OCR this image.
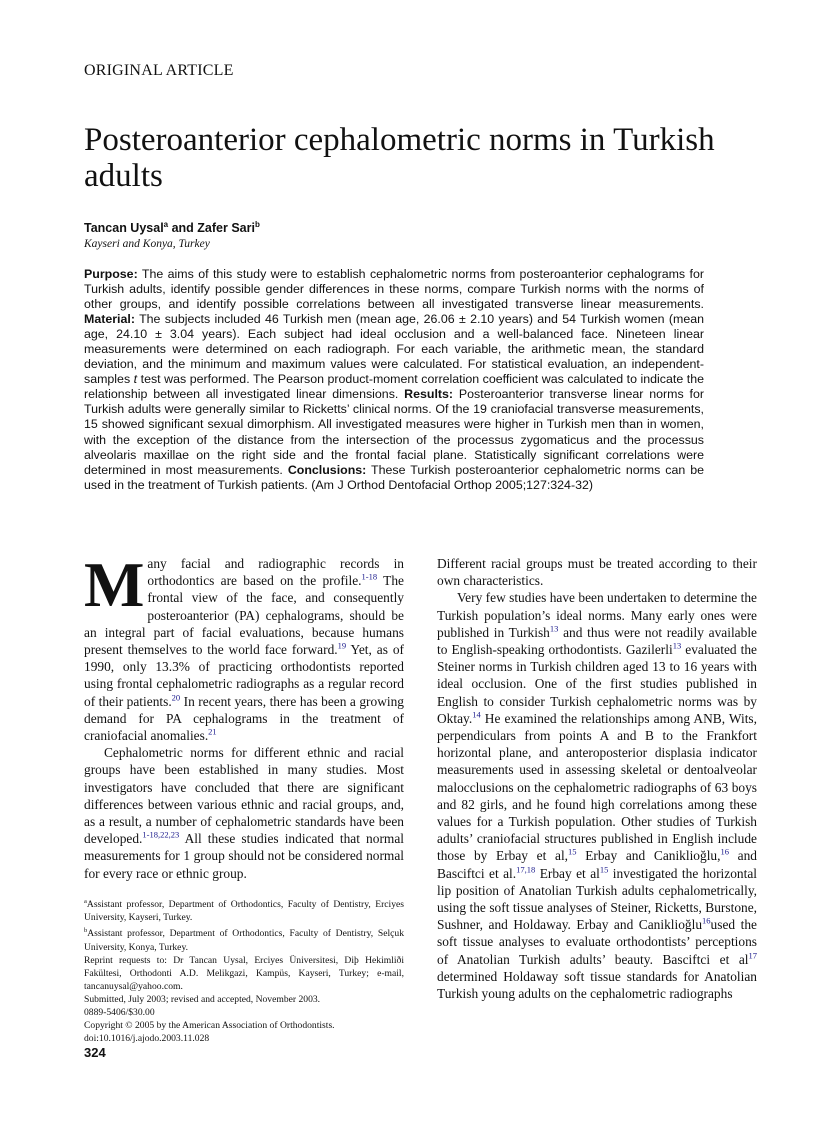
ORIGINAL ARTICLE
Posteroanterior cephalometric norms in Turkish adults
Tancan Uysal$^a$ and Zafer Sari$^b$
Kayseri and Konya, Turkey

Purpose: The aims of this study were to establish cephalometric norms from posteroanterior cephalograms for Turkish adults, identify possible gender differences in these norms, compare Turkish norms with the norms of other groups, and identify possible correlations between all investigated transverse linear measurements. Material: The subjects included 46 Turkish men (mean age, 26.06 ± 2.10 years) and 54 Turkish women (mean age, 24.10 ± 3.04 years). Each subject had ideal occlusion and a well-balanced face. Nineteen linear measurements were determined on each radiograph. For each variable, the arithmetic mean, the standard deviation, and the minimum and maximum values were calculated. For statistical evaluation, an independent-samples t test was performed. The Pearson product-moment correlation coefficient was calculated to indicate the relationship between all investigated linear dimensions. Results: Posteroanterior transverse linear norms for Turkish adults were generally similar to Ricketts’ clinical norms. Of the 19 craniofacial transverse measurements, 15 showed significant sexual dimorphism. All investigated measures were higher in Turkish men than in women, with the exception of the distance from the intersection of the processus zygomaticus and the processus alveolaris maxillae on the right side and the frontal facial plane. Statistically significant correlations were determined in most measurements. Conclusions: These Turkish posteroanterior cephalometric norms can be used in the treatment of Turkish patients. (Am J Orthod Dentofacial Orthop 2005;127:324-32)

Many facial and radiographic records in orthodontics are based on the profile.$^{1-18}$ The frontal view of the face, and consequently posteroanterior (PA) cephalograms, should be an integral part of facial evaluations, because humans present themselves to the world face forward.$^{19}$ Yet, as of 1990, only 13.3% of practicing orthodontists reported using frontal cephalometric radiographs as a regular record of their patients.$^{20}$ In recent years, there has been a growing demand for PA cephalograms in the treatment of craniofacial anomalies.$^{21}$

Cephalometric norms for different ethnic and racial groups have been established in many studies. Most investigators have concluded that there are significant differences between various ethnic and racial groups, and, as a result, a number of cephalometric standards have been developed.$^{1-18,22,23}$ All these studies indicated that normal measurements for 1 group should not be considered normal for every race or ethnic group.

Different racial groups must be treated according to their own characteristics.

Very few studies have been undertaken to determine the Turkish population’s ideal norms. Many early ones were published in Turkish$^{13}$ and thus were not readily available to English-speaking orthodontists. Gazilerli$^{13}$ evaluated the Steiner norms in Turkish children aged 13 to 16 years with ideal occlusion. One of the first studies published in English to consider Turkish cephalometric norms was by Oktay.$^{14}$ He examined the relationships among ANB, Wits, perpendiculars from points A and B to the Frankfort horizontal plane, and anteroposterior displasia indicator measurements used in assessing skeletal or dentoalveolar malocclusions on the cephalometric radiographs of 63 boys and 82 girls, and he found high correlations among these values for a Turkish population. Other studies of Turkish adults’ craniofacial structures published in English include those by Erbay et al,$^{15}$ Erbay and Caniklioğlu,$^{16}$ and Basciftci et al.$^{17,18}$ Erbay et $al^{15}$ investigated the horizontal lip position of Anatolian Turkish adults cephalometrically, using the soft tissue analyses of Steiner, Ricketts, Burstone, Sushner, and Holdaway. Erbay and Caniklioğlu$^{16}$used the soft tissue analyses to evaluate orthodontists’ perceptions of Anatolian Turkish adults’ beauty. Basciftci et $al^{17}$ determined Holdaway soft tissue standards for Anatolian Turkish young adults on the cephalometric radiographs

$^a$Assistant professor, Department of Orthodontics, Faculty of Dentistry, Erciyes University, Kayseri, Turkey.
$^b$Assistant professor, Department of Orthodontics, Faculty of Dentistry, Selçuk University, Konya, Turkey.
Reprint requests to: Dr Tancan Uysal, Erciyes Üniversitesi, Diþ Hekimliði Fakültesi, Orthodonti A.D. Melikgazi, Kampüs, Kayseri, Turkey; e-mail, tancanuysal@yahoo.com.
Submitted, July 2003; revised and accepted, November 2003.
0889-5406/$30.00
Copyright © 2005 by the American Association of Orthodontists.
doi:10.1016/j.ajodo.2003.11.028
324
